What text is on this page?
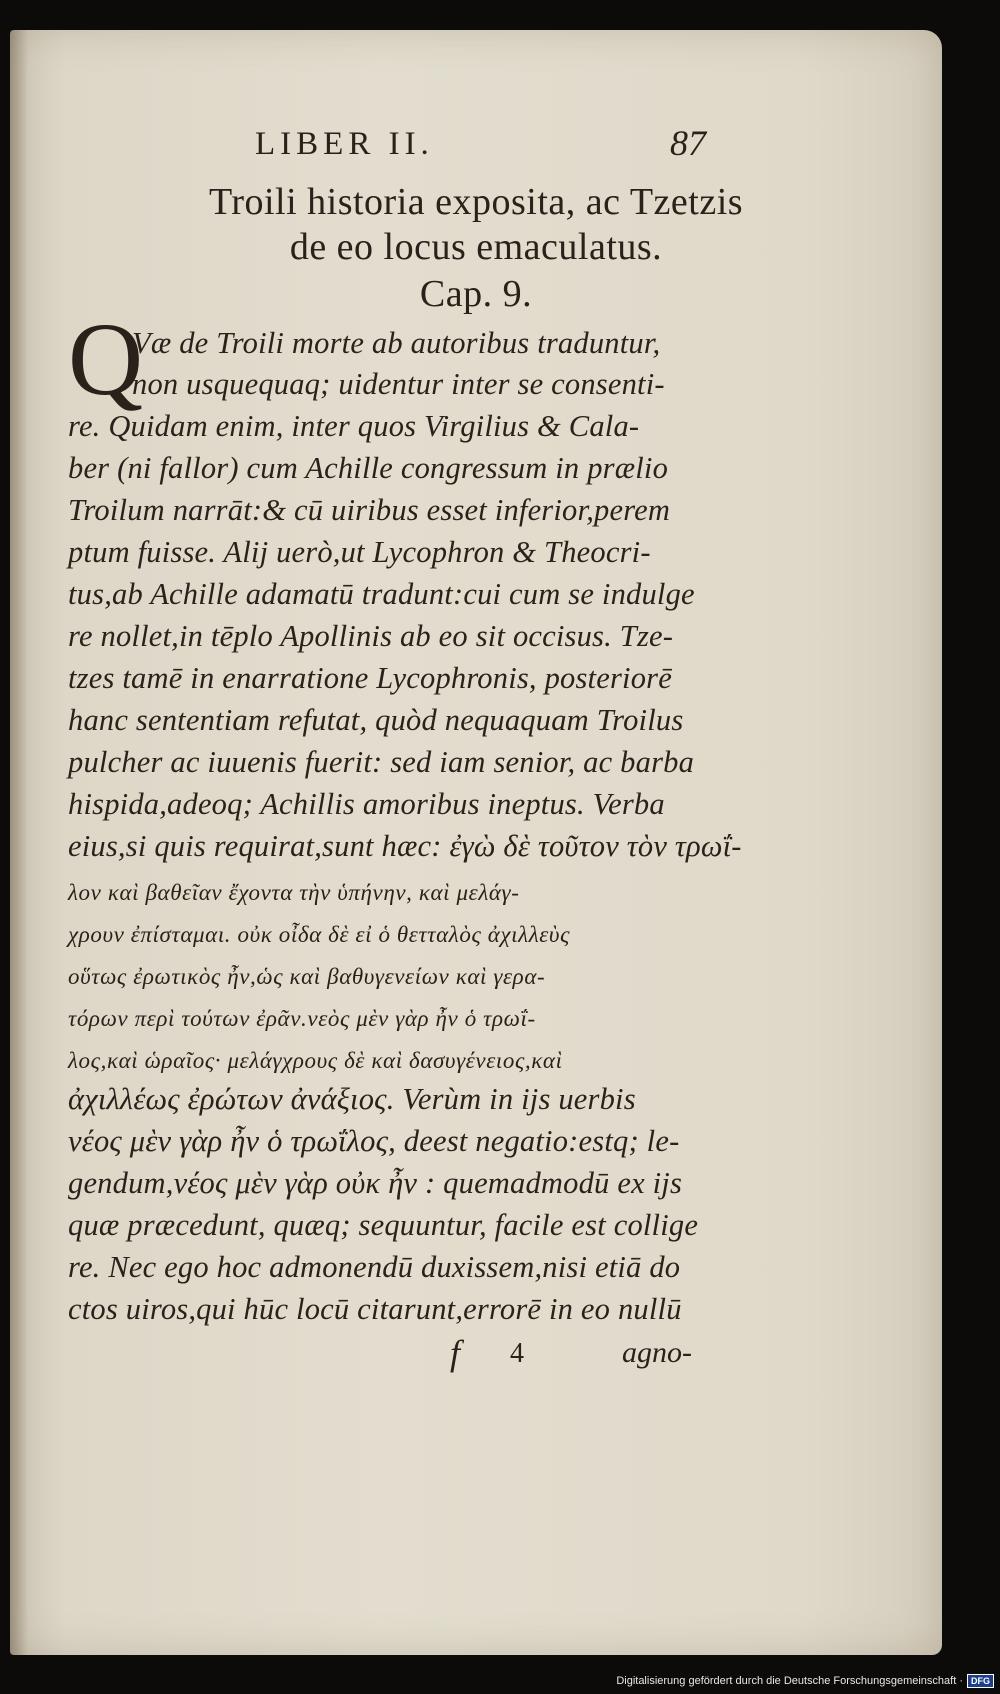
LIBER II.	87
Troili historia exposita, ac Tzetzis
de eo locus emaculatus.
Cap. 9.
Q
Væ de Troili morte ab autoribus traduntur,
non usquequaq; uidentur inter se consenti-
re. Quidam enim, inter quos Virgilius & Cala-
ber (ni fallor) cum Achille congressum in prælio
Troilum narrāt:& cū uiribus esset inferior,perem
ptum fuisse. Alij uerò,ut Lycophron & Theocri-
tus,ab Achille adamatū tradunt:cui cum se indulge
re nollet,in tēplo Apollinis ab eo sit occisus. Tze-
tzes tamē in enarratione Lycophronis, posteriorē
hanc sententiam refutat, quòd nequaquam Troilus
pulcher ac iuuenis fuerit: sed iam senior, ac barba
hispida,adeoq; Achillis amoribus ineptus. Verba
eius,si quis requirat,sunt hæc: ἐγὼ δὲ τοῦτον τὸν τρωΐ-
λον καὶ βαθεῖαν ἔχοντα τὴν ὑπήνην, καὶ μελάγ-
χρουν ἐπίσταμαι. οὐκ οἶδα δὲ εἰ ὁ θετταλὸς ἀχιλλεὺς
οὕτως ἐρωτικὸς ἦν,ὡς καὶ βαθυγενείων καὶ γερα-
τόρων περὶ τούτων ἐρᾶν.νεὸς μὲν γὰρ ἦν ὁ τρωΐ-
λος,καὶ ὡραῖος· μελάγχρους δὲ καὶ δασυγένειος,καὶ
ἀχιλλέως ἐρώτων ἀνάξιος. Verùm in ijs uerbis
νέος μὲν γὰρ ἦν ὁ τρωΐλος, deest negatio:estq; le-
gendum,νέος μὲν γὰρ οὐκ ἦν : quemadmodū ex ijs
quæ præcedunt, quæq; sequuntur, facile est collige
re. Nec ego hoc admonendū duxissem,nisi etiā do
ctos uiros,qui hūc locū citarunt,errorē in eo nullū
f 4	agno-
Digitalisierung gefördert durch die Deutsche Forschungsgemeinschaft · DFG
